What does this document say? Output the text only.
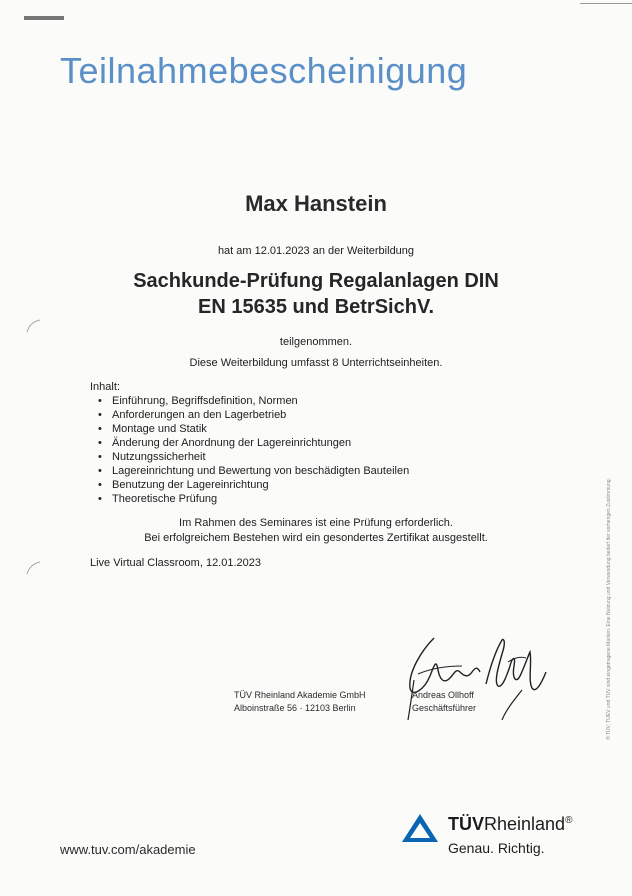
Teilnahmebescheinigung
Max Hanstein
hat am 12.01.2023 an der Weiterbildung
Sachkunde-Prüfung Regalanlagen DIN
EN 15635 und BetrSichV.
teilgenommen.
Diese Weiterbildung umfasst 8 Unterrichtseinheiten.
Inhalt:
• Einführung, Begriffsdefinition, Normen
• Anforderungen an den Lagerbetrieb
• Montage und Statik
• Änderung der Anordnung der Lagereinrichtungen
• Nutzungssicherheit
• Lagereinrichtung und Bewertung von beschädigten Bauteilen
• Benutzung der Lagereinrichtung
• Theoretische Prüfung
Im Rahmen des Seminares ist eine Prüfung erforderlich.
Bei erfolgreichem Bestehen wird ein gesondertes Zertifikat ausgestellt.
Live Virtual Classroom, 12.01.2023
TÜV Rheinland Akademie GmbH
Alboinstraße 56 · 12103 Berlin
Andreas Ollhoff
Geschäftsführer	® TÜV, TUEV und TUV sind eingetragene Marken. Eine Nutzung und Verwendung bedarf der vorherigen Zustimmung.
www.tuv.com/akademie
TÜVRheinland®
Genau. Richtig.
